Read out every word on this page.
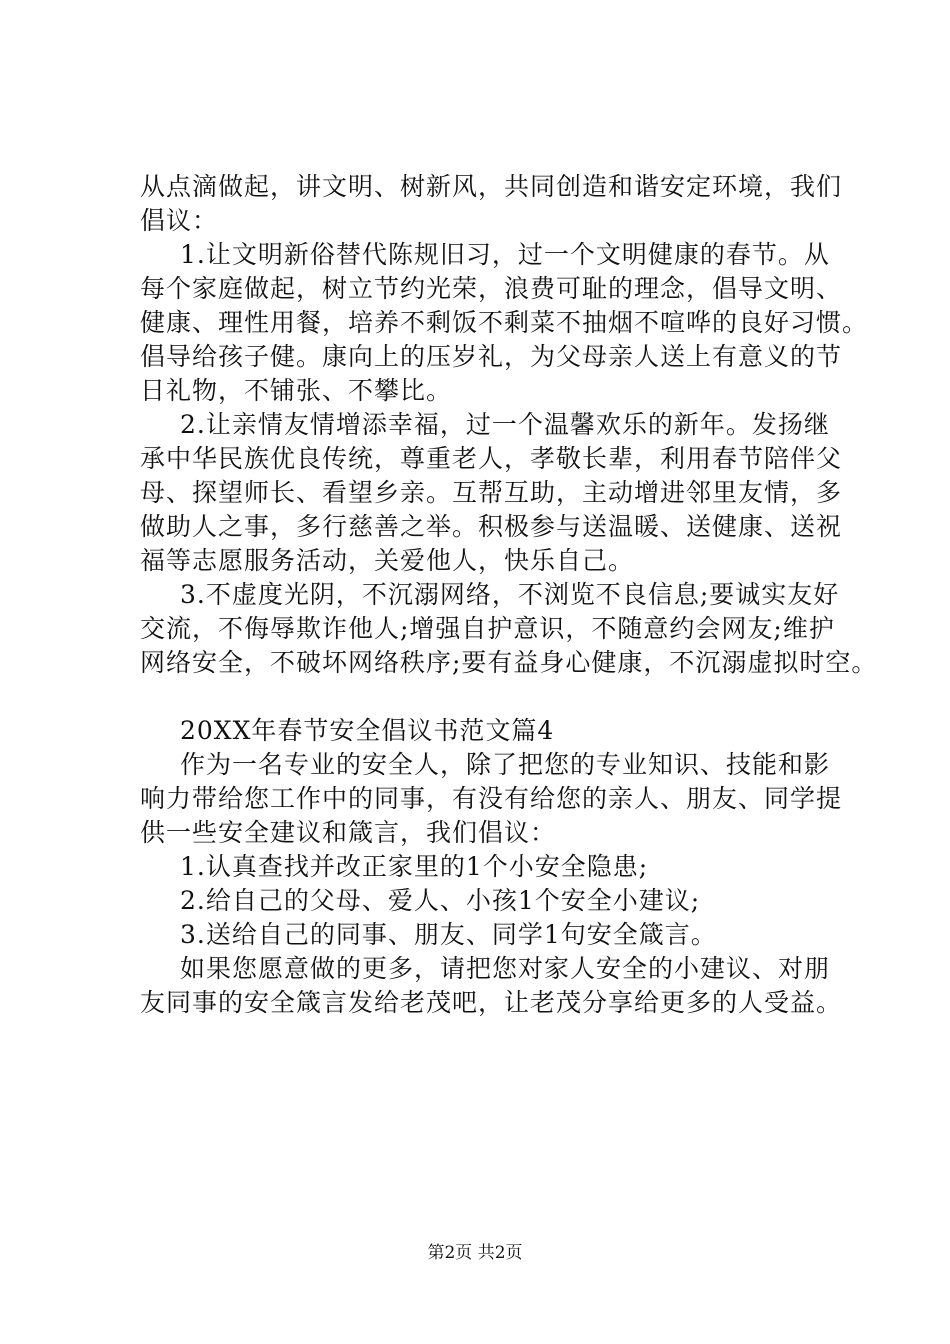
从点滴做起，讲文明、树新风，共同创造和谐安定环境，我们
倡议：
1.让文明新俗替代陈规旧习，过一个文明健康的春节。从
每个家庭做起，树立节约光荣，浪费可耻的理念，倡导文明、
健康、理性用餐，培养不剩饭不剩菜不抽烟不喧哗的良好习惯。
倡导给孩子健。康向上的压岁礼，为父母亲人送上有意义的节
日礼物，不铺张、不攀比。
2.让亲情友情增添幸福，过一个温馨欢乐的新年。发扬继
承中华民族优良传统，尊重老人，孝敬长辈，利用春节陪伴父
母、探望师长、看望乡亲。互帮互助，主动增进邻里友情，多
做助人之事，多行慈善之举。积极参与送温暖、送健康、送祝
福等志愿服务活动，关爱他人，快乐自己。
3.不虚度光阴，不沉溺网络，不浏览不良信息;要诚实友好
交流，不侮辱欺诈他人;增强自护意识，不随意约会网友;维护
网络安全，不破坏网络秩序;要有益身心健康，不沉溺虚拟时空。
20XX年春节安全倡议书范文篇4
作为一名专业的安全人，除了把您的专业知识、技能和影
响力带给您工作中的同事，有没有给您的亲人、朋友、同学提
供一些安全建议和箴言，我们倡议：
1.认真查找并改正家里的1个小安全隐患;
2.给自己的父母、爱人、小孩1个安全小建议;
3.送给自己的同事、朋友、同学1句安全箴言。
如果您愿意做的更多，请把您对家人安全的小建议、对朋
友同事的安全箴言发给老茂吧，让老茂分享给更多的人受益。
第2页 共2页
